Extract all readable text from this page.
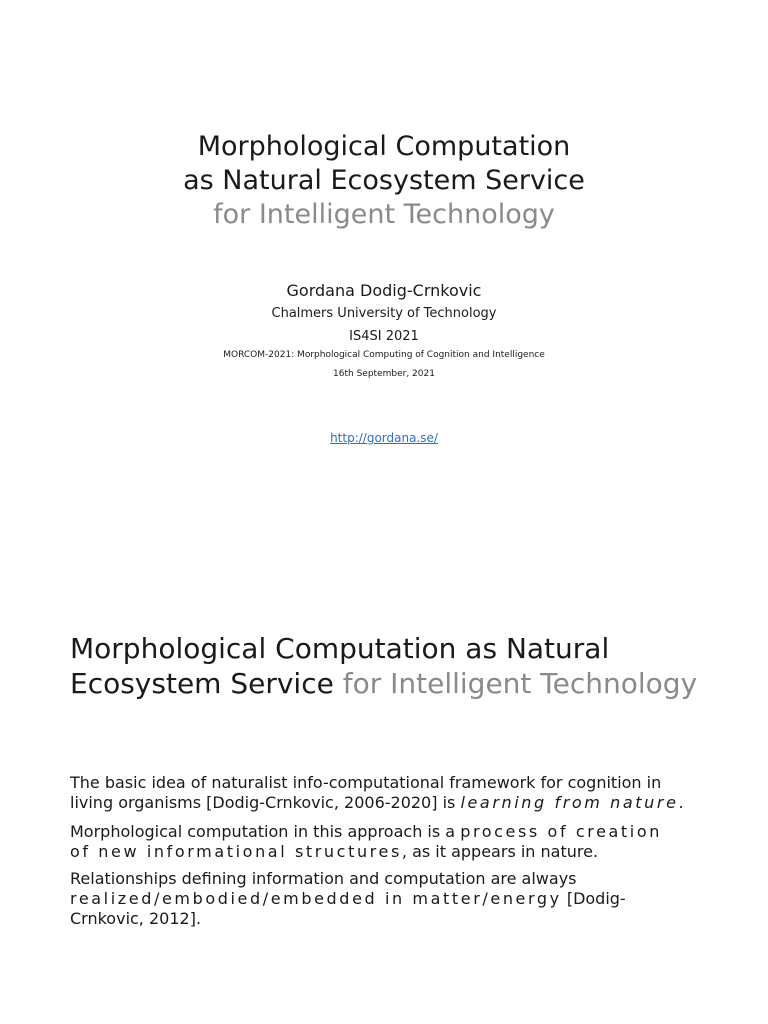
Morphological Computation
as Natural Ecosystem Service
for Intelligent Technology
Gordana Dodig-Crnkovic
Chalmers University of Technology
IS4SI 2021
MORCOM-2021: Morphological Computing of Cognition and Intelligence
16th September, 2021
http://gordana.se/
Morphological Computation as Natural
Ecosystem Service for Intelligent Technology
The basic idea of naturalist info-computational framework for cognition in
living organisms [Dodig-Crnkovic, 2006-2020] is learning from nature.
Morphological computation in this approach is a process of creation
of new informational structures, as it appears in nature.
Relationships defining information and computation are always
realized/embodied/embedded in matter/energy [Dodig-
Crnkovic, 2012].
